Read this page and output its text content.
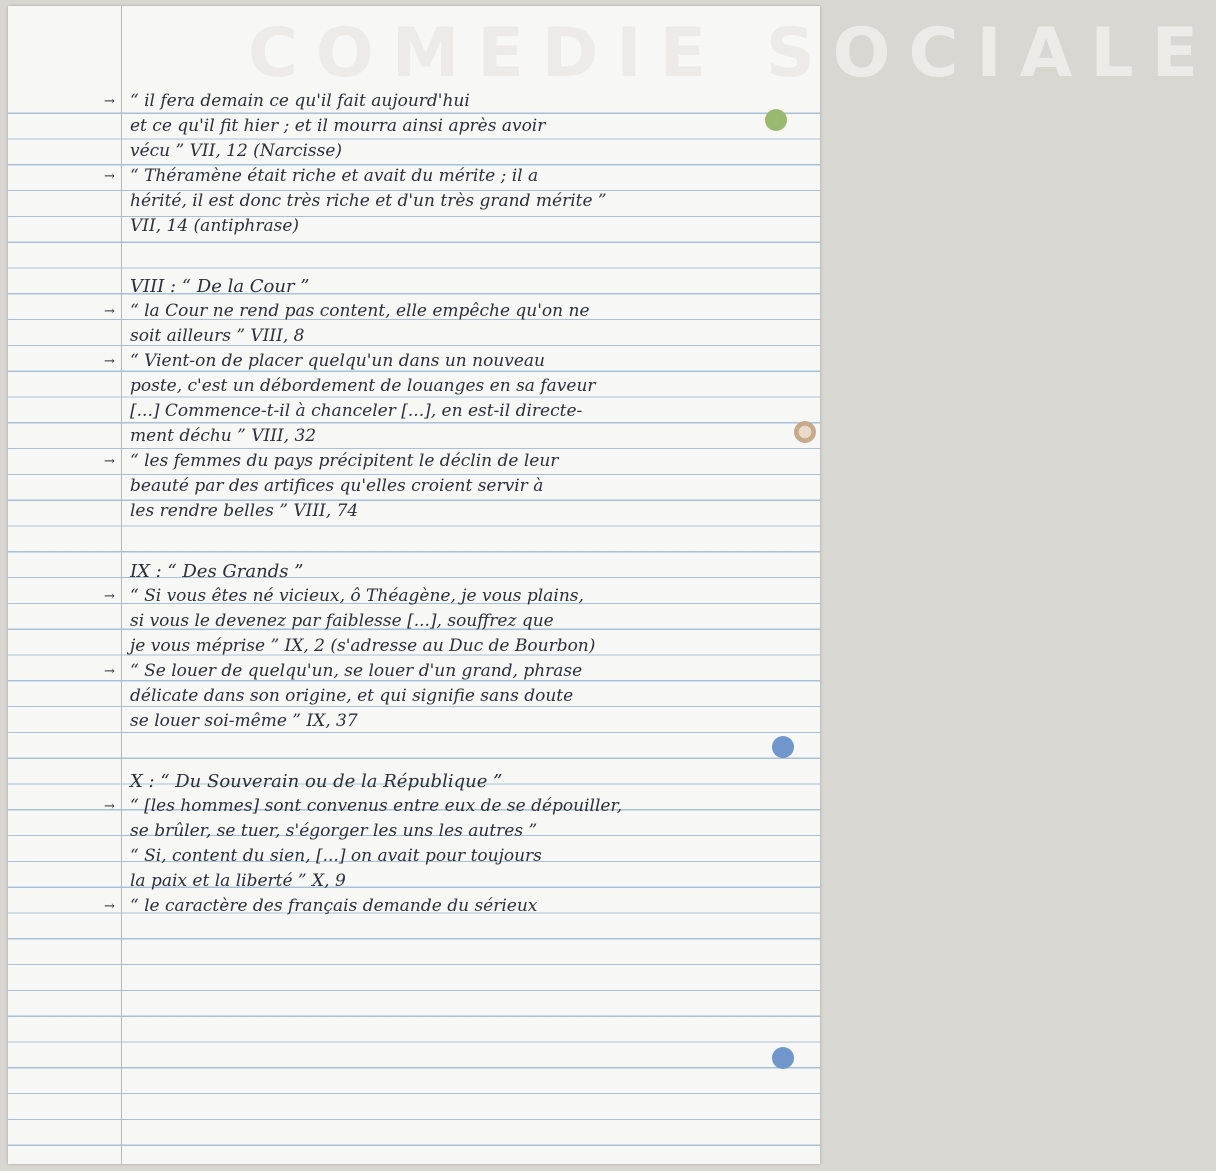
COMEDIE SOCIALE
→ “ il fera demain ce qu'il fait aujourd'hui
et ce qu'il fit hier ; et il mourra ainsi après avoir
vécu ” VII, 12 (Narcisse)
→ “ Théramène était riche et avait du mérite ; il a
hérité, il est donc très riche et d'un très grand mérite ”
VII, 14 (antiphrase)
VIII : “ De la Cour ”
→ “ la Cour ne rend pas content, elle empêche qu'on ne
soit ailleurs ” VIII, 8
→ “ Vient-on de placer quelqu'un dans un nouveau
poste, c'est un débordement de louanges en sa faveur
[...] Commence-t-il à chanceler [...], en est-il directe-
ment déchu ” VIII, 32
→ “ les femmes du pays précipitent le déclin de leur
beauté par des artifices qu'elles croient servir à
les rendre belles ” VIII, 74
IX : “ Des Grands ”
→ “ Si vous êtes né vicieux, ô Théagène, je vous plains,
si vous le devenez par faiblesse [...], souffrez que
je vous méprise ” IX, 2 (s'adresse au Duc de Bourbon)
→ “ Se louer de quelqu'un, se louer d'un grand, phrase
délicate dans son origine, et qui signifie sans doute
se louer soi-même ” IX, 37
X : “ Du Souverain ou de la République ”
→ “ [les hommes] sont convenus entre eux de se dépouiller,
se brûler, se tuer, s'égorger les uns les autres ”
“ Si, content du sien, [...] on avait pour toujours
la paix et la liberté ” X, 9
→ “ le caractère des français demande du sérieux
